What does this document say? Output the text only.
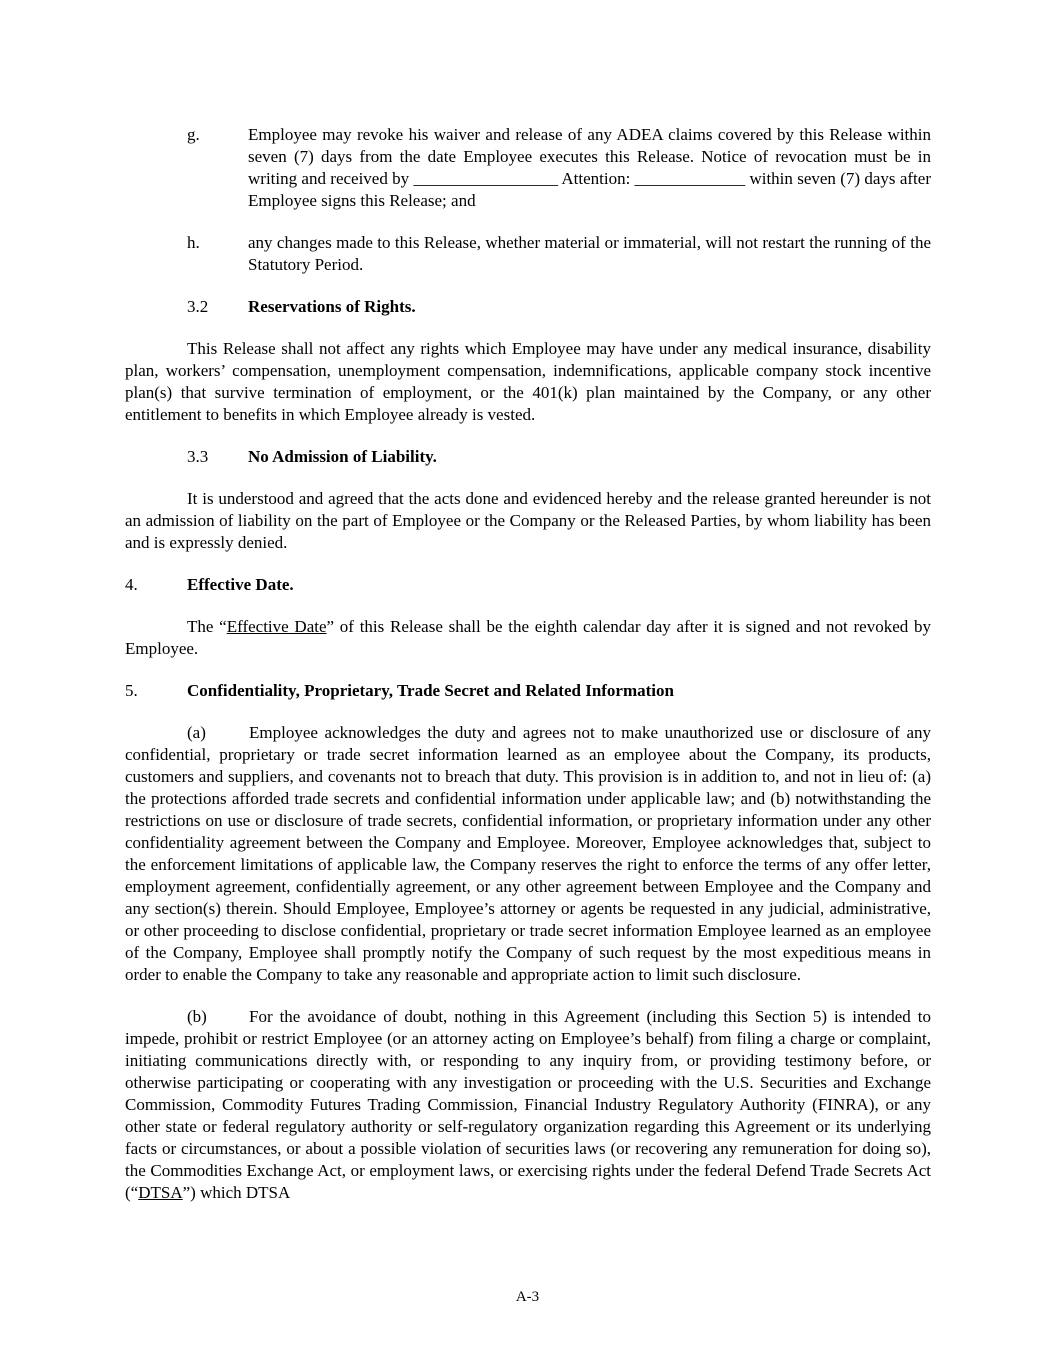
g.	Employee may revoke his waiver and release of any ADEA claims covered by this Release within seven (7) days from the date Employee executes this Release. Notice of revocation must be in writing and received by _________________ Attention: _____________ within seven (7) days after Employee signs this Release; and

h.	any changes made to this Release, whether material or immaterial, will not restart the running of the Statutory Period.

3.2 Reservations of Rights.

This Release shall not affect any rights which Employee may have under any medical insurance, disability plan, workers’ compensation, unemployment compensation, indemnifications, applicable company stock incentive plan(s) that survive termination of employment, or the 401(k) plan maintained by the Company, or any other entitlement to benefits in which Employee already is vested.

3.3 No Admission of Liability.

It is understood and agreed that the acts done and evidenced hereby and the release granted hereunder is not an admission of liability on the part of Employee or the Company or the Released Parties, by whom liability has been and is expressly denied.

4.	Effective Date.

The “Effective Date” of this Release shall be the eighth calendar day after it is signed and not revoked by Employee.

5.	Confidentiality, Proprietary, Trade Secret and Related Information

(a)	Employee acknowledges the duty and agrees not to make unauthorized use or disclosure of any confidential, proprietary or trade secret information learned as an employee about the Company, its products, customers and suppliers, and covenants not to breach that duty. This provision is in addition to, and not in lieu of: (a) the protections afforded trade secrets and confidential information under applicable law; and (b) notwithstanding the restrictions on use or disclosure of trade secrets, confidential information, or proprietary information under any other confidentiality agreement between the Company and Employee. Moreover, Employee acknowledges that, subject to the enforcement limitations of applicable law, the Company reserves the right to enforce the terms of any offer letter, employment agreement, confidentially agreement, or any other agreement between Employee and the Company and any section(s) therein. Should Employee, Employee’s attorney or agents be requested in any judicial, administrative, or other proceeding to disclose confidential, proprietary or trade secret information Employee learned as an employee of the Company, Employee shall promptly notify the Company of such request by the most expeditious means in order to enable the Company to take any reasonable and appropriate action to limit such disclosure.

(b) For the avoidance of doubt, nothing in this Agreement (including this Section 5) is intended to impede, prohibit or restrict Employee (or an attorney acting on Employee’s behalf) from filing a charge or complaint, initiating communications directly with, or responding to any inquiry from, or providing testimony before, or otherwise participating or cooperating with any investigation or proceeding with the U.S. Securities and Exchange Commission, Commodity Futures Trading Commission, Financial Industry Regulatory Authority (FINRA), or any other state or federal regulatory authority or self-regulatory organization regarding this Agreement or its underlying facts or circumstances, or about a possible violation of securities laws (or recovering any remuneration for doing so), the Commodities Exchange Act, or employment laws, or exercising rights under the federal Defend Trade Secrets Act (“DTSA”) which DTSA

A-3
